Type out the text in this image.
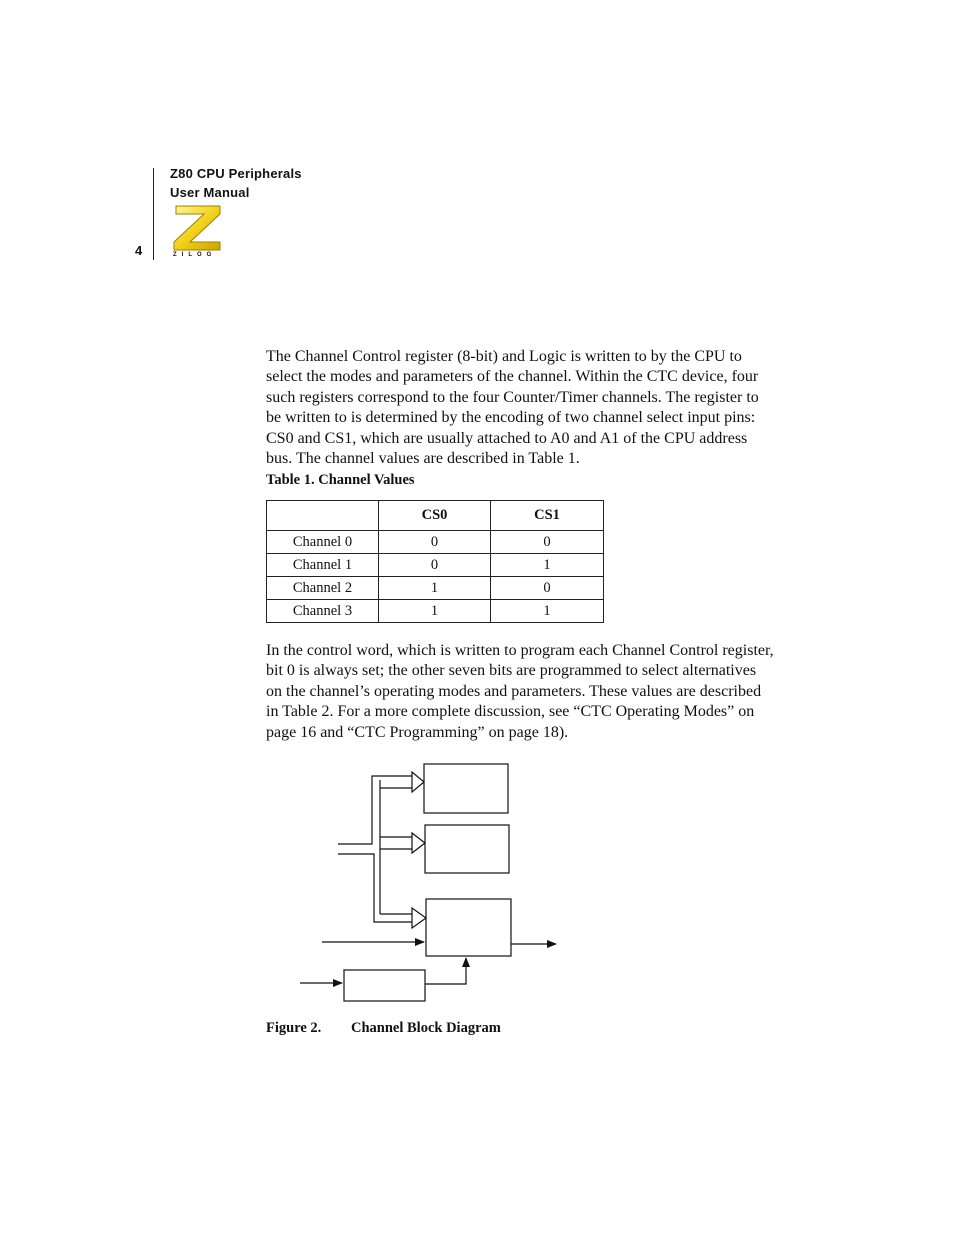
4
Z80 CPU Peripherals
User Manual
ZILOG

The Channel Control register (8-bit) and Logic is written to by the CPU to select the modes and parameters of the channel. Within the CTC device, four such registers correspond to the four Counter/Timer channels. The register to be written to is determined by the encoding of two channel select input pins: CS0 and CS1, which are usually attached to A0 and A1 of the CPU address bus. The channel values are described in Table 1.

Table 1. Channel Values
	CS0	CS1
Channel 0	0	0
Channel 1	0	1
Channel 2	1	0
Channel 3	1	1

In the control word, which is written to program each Channel Control register, bit 0 is always set; the other seven bits are programmed to select alternatives on the channel’s operating modes and parameters. These values are described in Table 2. For a more complete discussion, see “CTC Operating Modes” on page 16 and “CTC Programming” on page 18).

Figure 2. Channel Block Diagram
